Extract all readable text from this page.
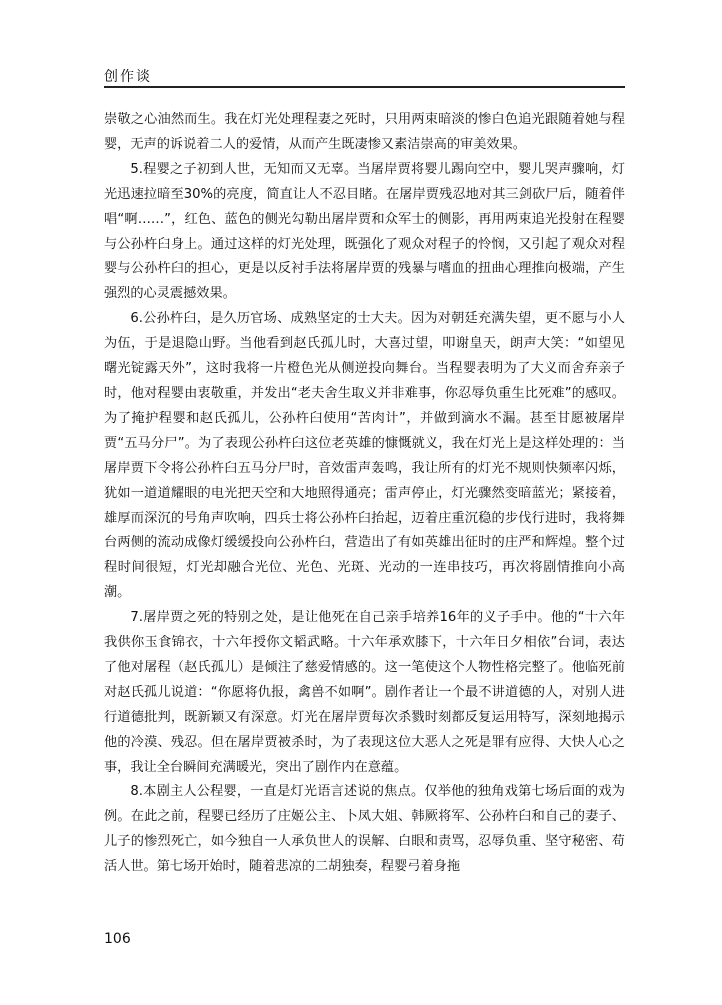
创作谈

崇敬之心油然而生。我在灯光处理程妻之死时，只用两束暗淡的惨白色追光跟随着她与程婴，无声的诉说着二人的爱情，从而产生既凄惨又素洁崇高的审美效果。

5.程婴之子初到人世，无知而又无辜。当屠岸贾将婴儿踢向空中，婴儿哭声骤响，灯光迅速拉暗至30%的亮度，简直让人不忍目睹。在屠岸贾残忍地对其三剑砍尸后，随着伴唱“啊……”，红色、蓝色的侧光勾勒出屠岸贾和众军士的侧影，再用两束追光投射在程婴与公孙杵臼身上。通过这样的灯光处理，既强化了观众对程子的怜悯，又引起了观众对程婴与公孙杵臼的担心，更是以反衬手法将屠岸贾的残暴与嗜血的扭曲心理推向极端，产生强烈的心灵震撼效果。

6.公孙杵臼，是久历官场、成熟坚定的士大夫。因为对朝廷充满失望，更不愿与小人为伍，于是退隐山野。当他看到赵氏孤儿时，大喜过望，叩谢皇天，朗声大笑：“如望见曙光锭露天外”，这时我将一片橙色光从侧逆投向舞台。当程婴表明为了大义而舍弃亲子时，他对程婴由衷敬重，并发出“老夫舍生取义并非难事，你忍辱负重生比死难”的感叹。为了掩护程婴和赵氏孤儿，公孙杵臼使用“苦肉计”，并做到滴水不漏。甚至甘愿被屠岸贾“五马分尸”。为了表现公孙杵臼这位老英雄的慷慨就义，我在灯光上是这样处理的：当屠岸贾下令将公孙杵臼五马分尸时，音效雷声轰鸣，我让所有的灯光不规则快频率闪烁，犹如一道道耀眼的电光把天空和大地照得通亮；雷声停止，灯光骤然变暗蓝光；紧接着，雄厚而深沉的号角声吹响，四兵士将公孙杵臼抬起，迈着庄重沉稳的步伐行进时，我将舞台两侧的流动成像灯缓缓投向公孙杵臼，营造出了有如英雄出征时的庄严和辉煌。整个过程时间很短，灯光却融合光位、光色、光斑、光动的一连串技巧，再次将剧情推向小高潮。

7.屠岸贾之死的特别之处，是让他死在自己亲手培养16年的义子手中。他的“十六年我供你玉食锦衣，十六年授你文韬武略。十六年承欢膝下，十六年日夕相依”台词，表达了他对屠程（赵氏孤儿）是倾注了慈爱情感的。这一笔使这个人物性格完整了。他临死前对赵氏孤儿说道：“你愿将仇报，禽兽不如啊”。剧作者让一个最不讲道德的人，对别人进行道德批判，既新颖又有深意。灯光在屠岸贾每次杀戮时刻都反复运用特写，深刻地揭示他的冷漠、残忍。但在屠岸贾被杀时，为了表现这位大恶人之死是罪有应得、大快人心之事，我让全台瞬间充满暖光，突出了剧作内在意蕴。

8.本剧主人公程婴，一直是灯光语言述说的焦点。仅举他的独角戏第七场后面的戏为例。在此之前，程婴已经历了庄姬公主、卜凤大姐、韩厥将军、公孙杵臼和自己的妻子、儿子的惨烈死亡，如今独自一人承负世人的误解、白眼和责骂，忍辱负重、坚守秘密、苟活人世。第七场开始时，随着悲凉的二胡独奏，程婴弓着身拖

106
